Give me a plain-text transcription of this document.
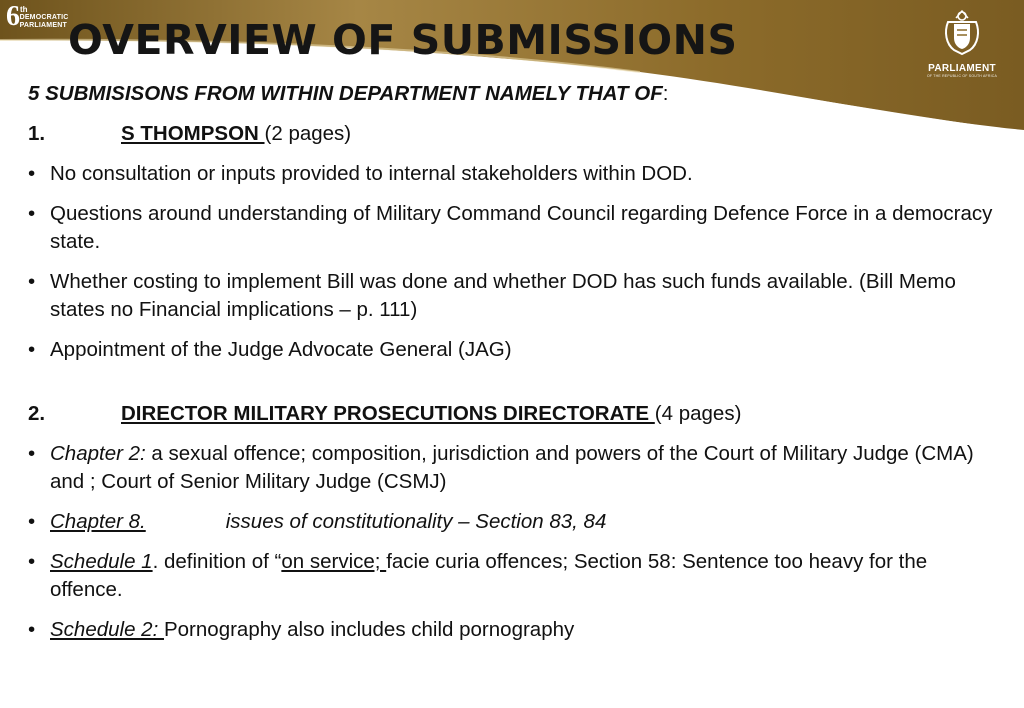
6 th
DEMOCRATIC
PARLIAMENT
PARLIAMENT
OF THE REPUBLIC OF SOUTH AFRICA
OVERVIEW OF SUBMISSIONS

5 SUBMISISONS FROM WITHIN DEPARTMENT NAMELY THAT OF:

1.	S THOMPSON (2 pages)
• No consultation or inputs provided to internal stakeholders within DOD.
• Questions around understanding of Military Command Council regarding Defence Force in a democracy state.
• Whether costing to implement Bill was done and whether DOD has such funds available. (Bill Memo states no Financial implications – p. 111)
• Appointment of the Judge Advocate General (JAG)
2.	DIRECTOR MILITARY PROSECUTIONS DIRECTORATE (4 pages)
• Chapter 2: a sexual offence; composition, jurisdiction and powers of the Court of Military Judge (CMA) and ; Court of Senior Military Judge (CSMJ)
• Chapter 8.	issues of constitutionality – Section 83, 84
• Schedule 1. definition of “on service; facie curia offences; Section 58: Sentence too heavy for the offence.
• Schedule 2: Pornography also includes child pornography
